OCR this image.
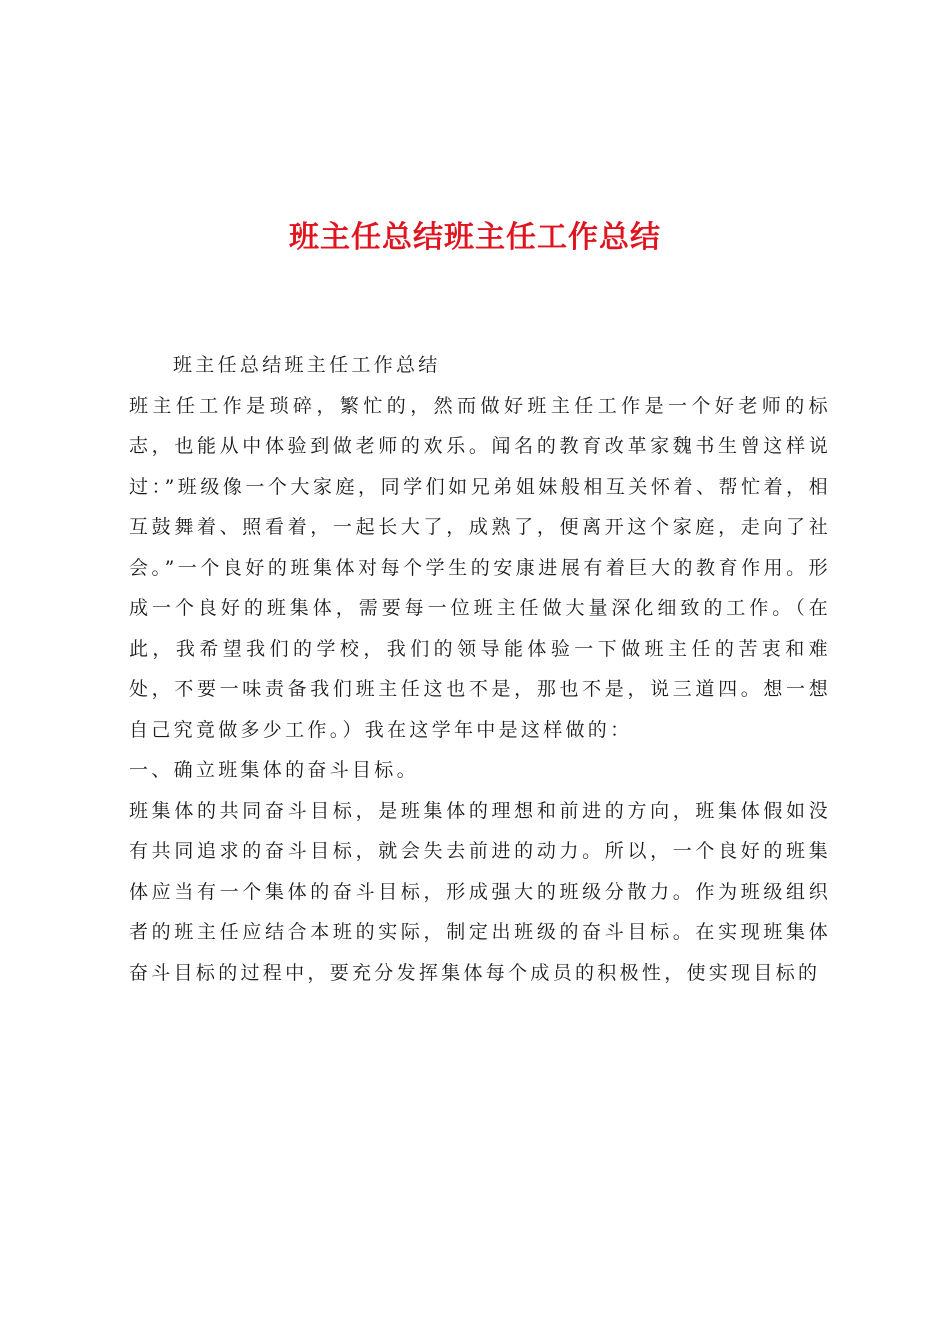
班主任总结班主任工作总结

班主任总结班主任工作总结

班主任工作是琐碎，繁忙的，然而做好班主任工作是一个好老师的标志，也能从中体验到做老师的欢乐。闻名的教育改革家魏书生曾这样说过：”班级像一个大家庭，同学们如兄弟姐妹般相互关怀着、帮忙着，相互鼓舞着、照看着，一起长大了，成熟了，便离开这个家庭，走向了社会。”一个良好的班集体对每个学生的安康进展有着巨大的教育作用。形成一个良好的班集体，需要每一位班主任做大量深化细致的工作。（在此，我希望我们的学校，我们的领导能体验一下做班主任的苦衷和难处，不要一味责备我们班主任这也不是，那也不是，说三道四。想一想自己究竟做多少工作。）我在这学年中是这样做的：

一、确立班集体的奋斗目标。

班集体的共同奋斗目标，是班集体的理想和前进的方向，班集体假如没有共同追求的奋斗目标，就会失去前进的动力。所以，一个良好的班集体应当有一个集体的奋斗目标，形成强大的班级分散力。作为班级组织者的班主任应结合本班的实际，制定出班级的奋斗目标。在实现班集体奋斗目标的过程中，要充分发挥集体每个成员的积极性，使实现目标的
